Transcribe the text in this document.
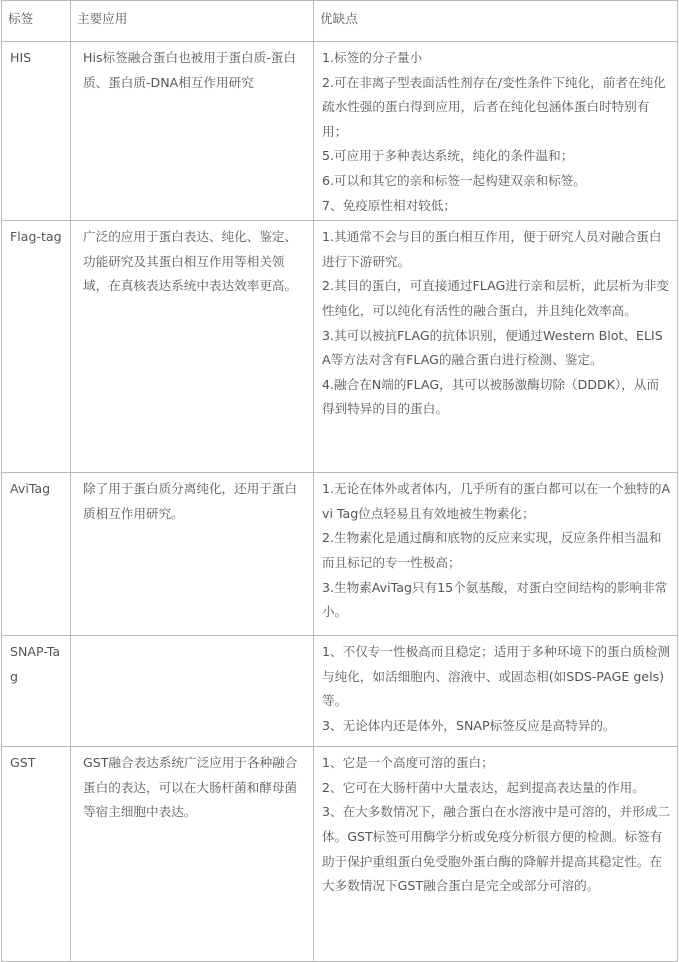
标签	主要应用	优缺点
HIS	His标签融合蛋白也被用于蛋白质-蛋白质、蛋白质-DNA相互作用研究	1.标签的分子量小
2.可在非离子型表面活性剂存在/变性条件下纯化，前者在纯化疏水性强的蛋白得到应用，后者在纯化包涵体蛋白时特别有用；
5.可应用于多种表达系统，纯化的条件温和；
6.可以和其它的亲和标签一起构建双亲和标签。
7、免疫原性相对较低；

Flag-tag	广泛的应用于蛋白表达、纯化、鉴定、功能研究及其蛋白相互作用等相关领域，在真核表达系统中表达效率更高。	1.其通常不会与目的蛋白相互作用，便于研究人员对融合蛋白进行下游研究。
2.其目的蛋白，可直接通过FLAG进行亲和层析，此层析为非变性纯化，可以纯化有活性的融合蛋白，并且纯化效率高。
3.其可以被抗FLAG的抗体识别，便通过Western Blot、ELISA等方法对含有FLAG的融合蛋白进行检测、鉴定。
4.融合在N端的FLAG，其可以被肠激酶切除（DDDK），从而得到特异的目的蛋白。

AviTag	除了用于蛋白质分离纯化，还用于蛋白质相互作用研究。	1.无论在体外或者体内，几乎所有的蛋白都可以在一个独特的Avi Tag位点轻易且有效地被生物素化；
2.生物素化是通过酶和底物的反应来实现，反应条件相当温和而且标记的专一性极高；
3.生物素AviTag只有15个氨基酸，对蛋白空间结构的影响非常小。

SNAP-Tag		1、不仅专一性极高而且稳定；适用于多种环境下的蛋白质检测与纯化，如活细胞内、溶液中、或固态相(如SDS-PAGE gels)等。
3、无论体内还是体外，SNAP标签反应是高特异的。

GST	GST融合表达系统广泛应用于各种融合蛋白的表达，可以在大肠杆菌和酵母菌等宿主细胞中表达。	1、它是一个高度可溶的蛋白；
2、它可在大肠杆菌中大量表达，起到提高表达量的作用。
3、在大多数情况下，融合蛋白在水溶液中是可溶的，并形成二体。GST标签可用酶学分析或免疫分析很方便的检测。标签有助于保护重组蛋白免受胞外蛋白酶的降解并提高其稳定性。在大多数情况下GST融合蛋白是完全或部分可溶的。
